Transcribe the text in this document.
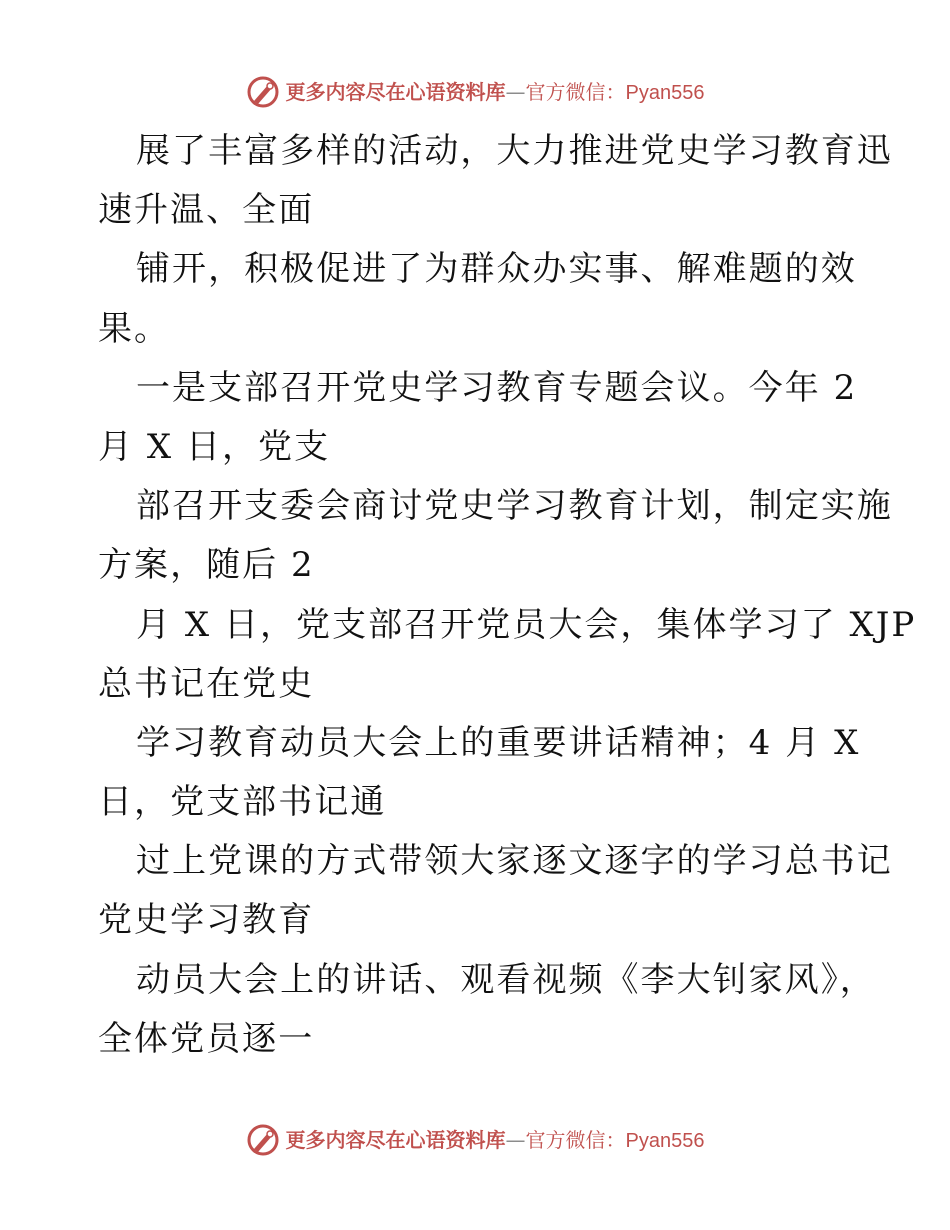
更多内容尽在心语资料库—官方微信：Pyan556
展了丰富多样的活动，大力推进党史学习教育迅
速升温、全面
铺开，积极促进了为群众办实事、解难题的效
果。
一是支部召开党史学习教育专题会议。今年 2
月 X 日，党支
部召开支委会商讨党史学习教育计划，制定实施
方案，随后 2
月 X 日，党支部召开党员大会，集体学习了 XJP
总书记在党史
学习教育动员大会上的重要讲话精神；4 月 X
日，党支部书记通
过上党课的方式带领大家逐文逐字的学习总书记
党史学习教育
动员大会上的讲话、观看视频《李大钊家风》，
全体党员逐一
更多内容尽在心语资料库—官方微信：Pyan556
